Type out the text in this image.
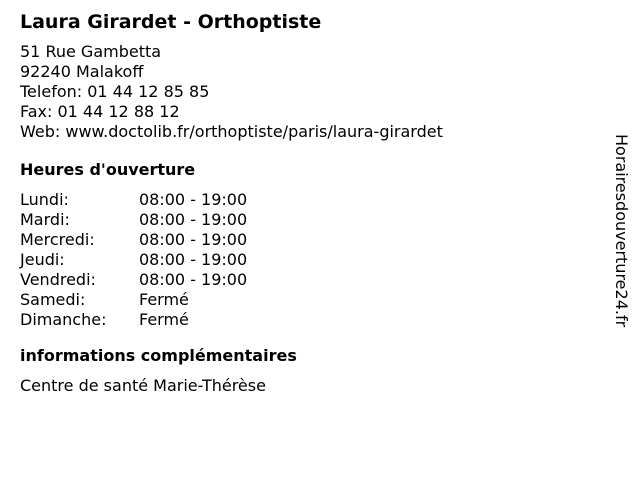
Laura Girardet - Orthoptiste
51 Rue Gambetta
92240 Malakoff
Telefon: 01 44 12 85 85
Fax: 01 44 12 88 12
Web: www.doctolib.fr/orthoptiste/paris/laura-girardet
Heures d'ouverture
Lundi:	08:00 - 19:00
Mardi:	08:00 - 19:00
Mercredi:	08:00 - 19:00
Jeudi:	08:00 - 19:00
Vendredi:	08:00 - 19:00
Samedi:	Fermé
Dimanche:	Fermé
informations complémentaires
Centre de santé Marie-Thérèse
Horairesdouverture24.fr
